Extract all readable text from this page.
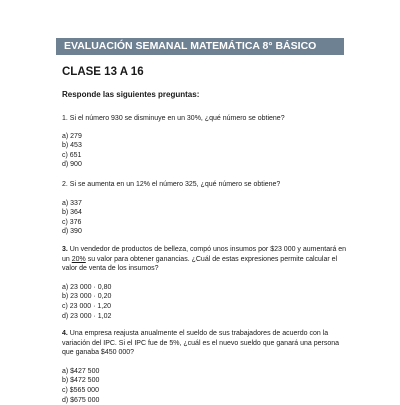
EVALUACIÓN SEMANAL MATEMÁTICA 8° BÁSICO
CLASE 13 A 16
Responde las siguientes preguntas:

1. Si el número 930 se disminuye en un 30%, ¿qué número se obtiene?

a) 279
b) 453
c) 651
d) 900

2. Si se aumenta en un 12% el número 325, ¿qué número se obtiene?

a) 337
b) 364
c) 376
d) 390

3. Un vendedor de productos de belleza, compó unos insumos por $23 000 y aumentará en un 20% su valor para obtener ganancias. ¿Cuál de estas expresiones permite calcular el valor de venta de los insumos?

a) 23 000 · 0,80
b) 23 000 · 0,20
c) 23 000 · 1,20
d) 23 000 · 1,02

4. Una empresa reajusta anualmente el sueldo de sus trabajadores de acuerdo con la variación del IPC. Si el IPC fue de 5%, ¿cuál es el nuevo sueldo que ganará una persona que ganaba $450 000?

a) $427 500
b) $472 500
c) $565 000
d) $675 000
